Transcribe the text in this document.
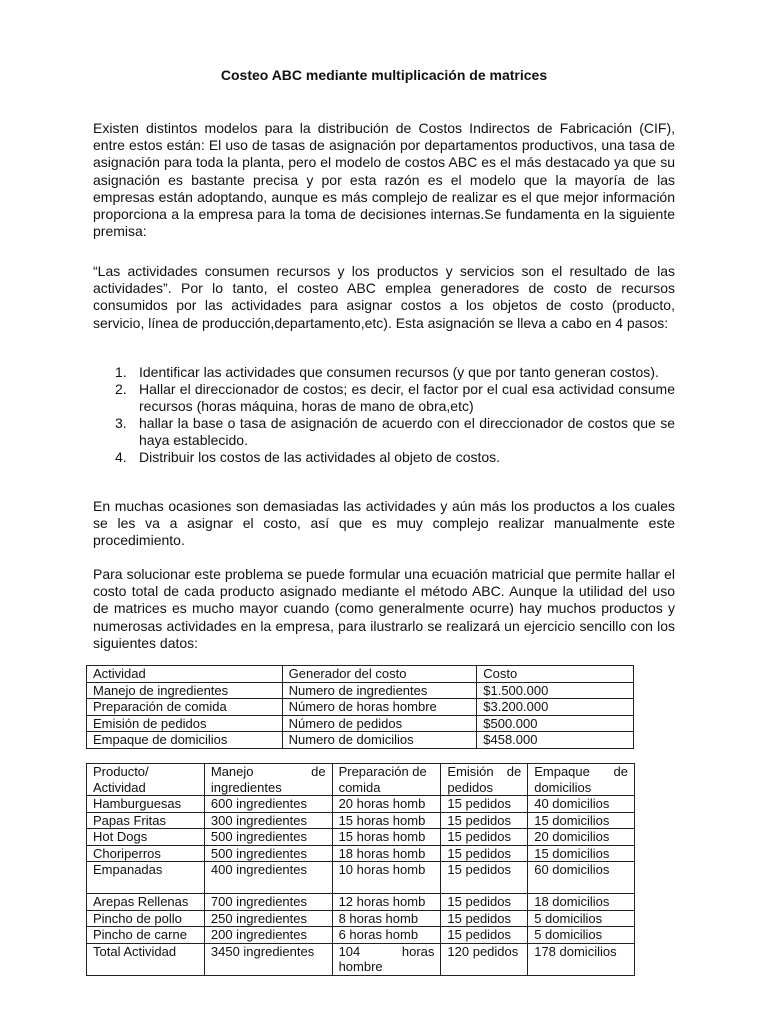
Costeo ABC mediante multiplicación de matrices

Existen distintos modelos para la distribución de Costos Indirectos de Fabricación (CIF), entre estos están: El uso de tasas de asignación por departamentos productivos, una tasa de asignación para toda la planta, pero el modelo de costos ABC es el más destacado ya que su asignación es bastante precisa y por esta razón es el modelo que la mayoría de las empresas están adoptando, aunque es más complejo de realizar es el que mejor información proporciona a la empresa para la toma de decisiones internas.Se fundamenta en la siguiente premisa:

“Las actividades consumen recursos y los productos y servicios son el resultado de las actividades”. Por lo tanto, el costeo ABC emplea generadores de costo de recursos consumidos por las actividades para asignar costos a los objetos de costo (producto, servicio, línea de producción,departamento,etc). Esta asignación se lleva a cabo en 4 pasos:

1. Identificar las actividades que consumen recursos (y que por tanto generan costos).
2. Hallar el direccionador de costos; es decir, el factor por el cual esa actividad consume recursos (horas máquina, horas de mano de obra,etc)
3. hallar la base o tasa de asignación de acuerdo con el direccionador de costos que se haya establecido.
4. Distribuir los costos de las actividades al objeto de costos.

En muchas ocasiones son demasiadas las actividades y aún más los productos a los cuales se les va a asignar el costo, así que es muy complejo realizar manualmente este procedimiento.

Para solucionar este problema se puede formular una ecuación matricial que permite hallar el costo total de cada producto asignado mediante el método ABC. Aunque la utilidad del uso de matrices es mucho mayor cuando (como generalmente ocurre) hay muchos productos y numerosas actividades en la empresa, para ilustrarlo se realizará un ejercicio sencillo con los siguientes datos:

Actividad	Generador del costo	Costo
Manejo de ingredientes	Numero de ingredientes	$1.500.000
Preparación de comida	Número de horas hombre	$3.200.000
Emisión de pedidos	Número de pedidos	$500.000
Empaque de domicilios	Numero de domicilios	$458.000
Producto/ Actividad	Manejo de ingredientes	Preparación de comida	Emisión de pedidos	Empaque de domicilios
Hamburguesas	600 ingredientes	20 horas homb	15 pedidos	40 domicilios
Papas Fritas	300 ingredientes	15 horas homb	15 pedidos	15 domicilios
Hot Dogs	500 ingredientes	15 horas homb	15 pedidos	20 domicilios
Choriperros	500 ingredientes	18 horas homb	15 pedidos	15 domicilios
Empanadas	400 ingredientes	10 horas homb	15 pedidos	60 domicilios
Arepas Rellenas	700 ingredientes	12 horas homb	15 pedidos	18 domicilios
Pincho de pollo	250 ingredientes	8 horas homb	15 pedidos	5 domicilios
Pincho de carne	200 ingredientes	6 horas homb	15 pedidos	5 domicilios
Total Actividad	3450 ingredientes	104 horas hombre	120 pedidos	178 domicilios
